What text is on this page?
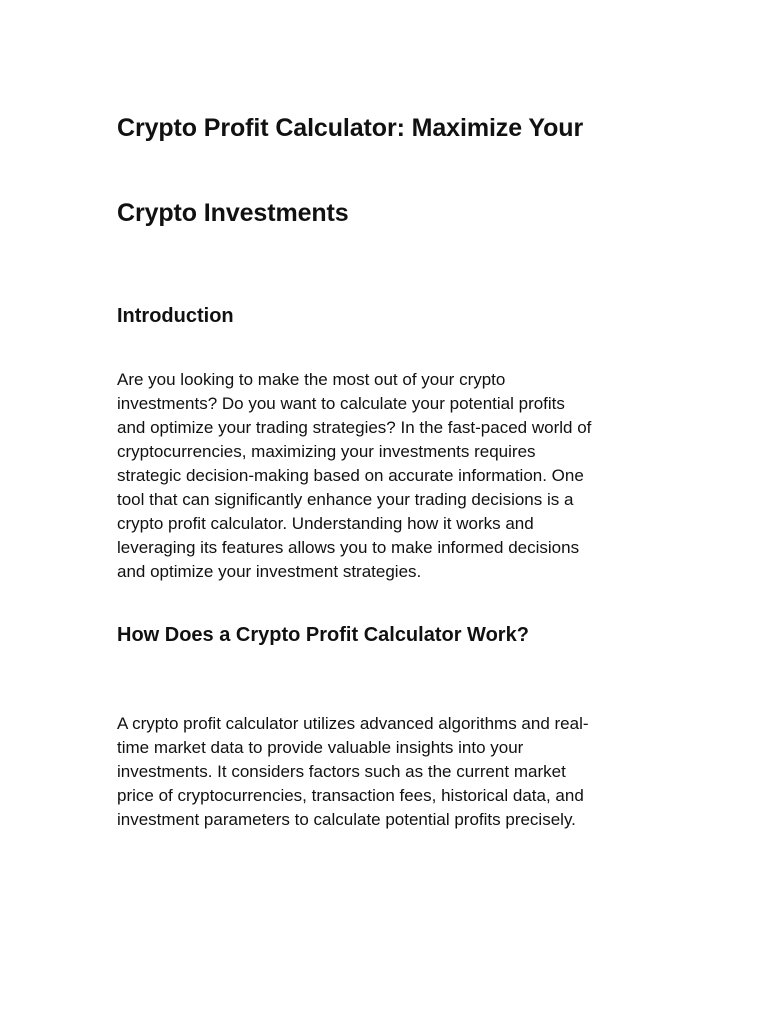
Crypto Profit Calculator: Maximize Your
Crypto Investments
Introduction

Are you looking to make the most out of your crypto
investments? Do you want to calculate your potential profits
and optimize your trading strategies? In the fast-paced world of
cryptocurrencies, maximizing your investments requires
strategic decision-making based on accurate information. One
tool that can significantly enhance your trading decisions is a
crypto profit calculator. Understanding how it works and
leveraging its features allows you to make informed decisions
and optimize your investment strategies.

How Does a Crypto Profit Calculator Work?

A crypto profit calculator utilizes advanced algorithms and real-
time market data to provide valuable insights into your
investments. It considers factors such as the current market
price of cryptocurrencies, transaction fees, historical data, and
investment parameters to calculate potential profits precisely.
